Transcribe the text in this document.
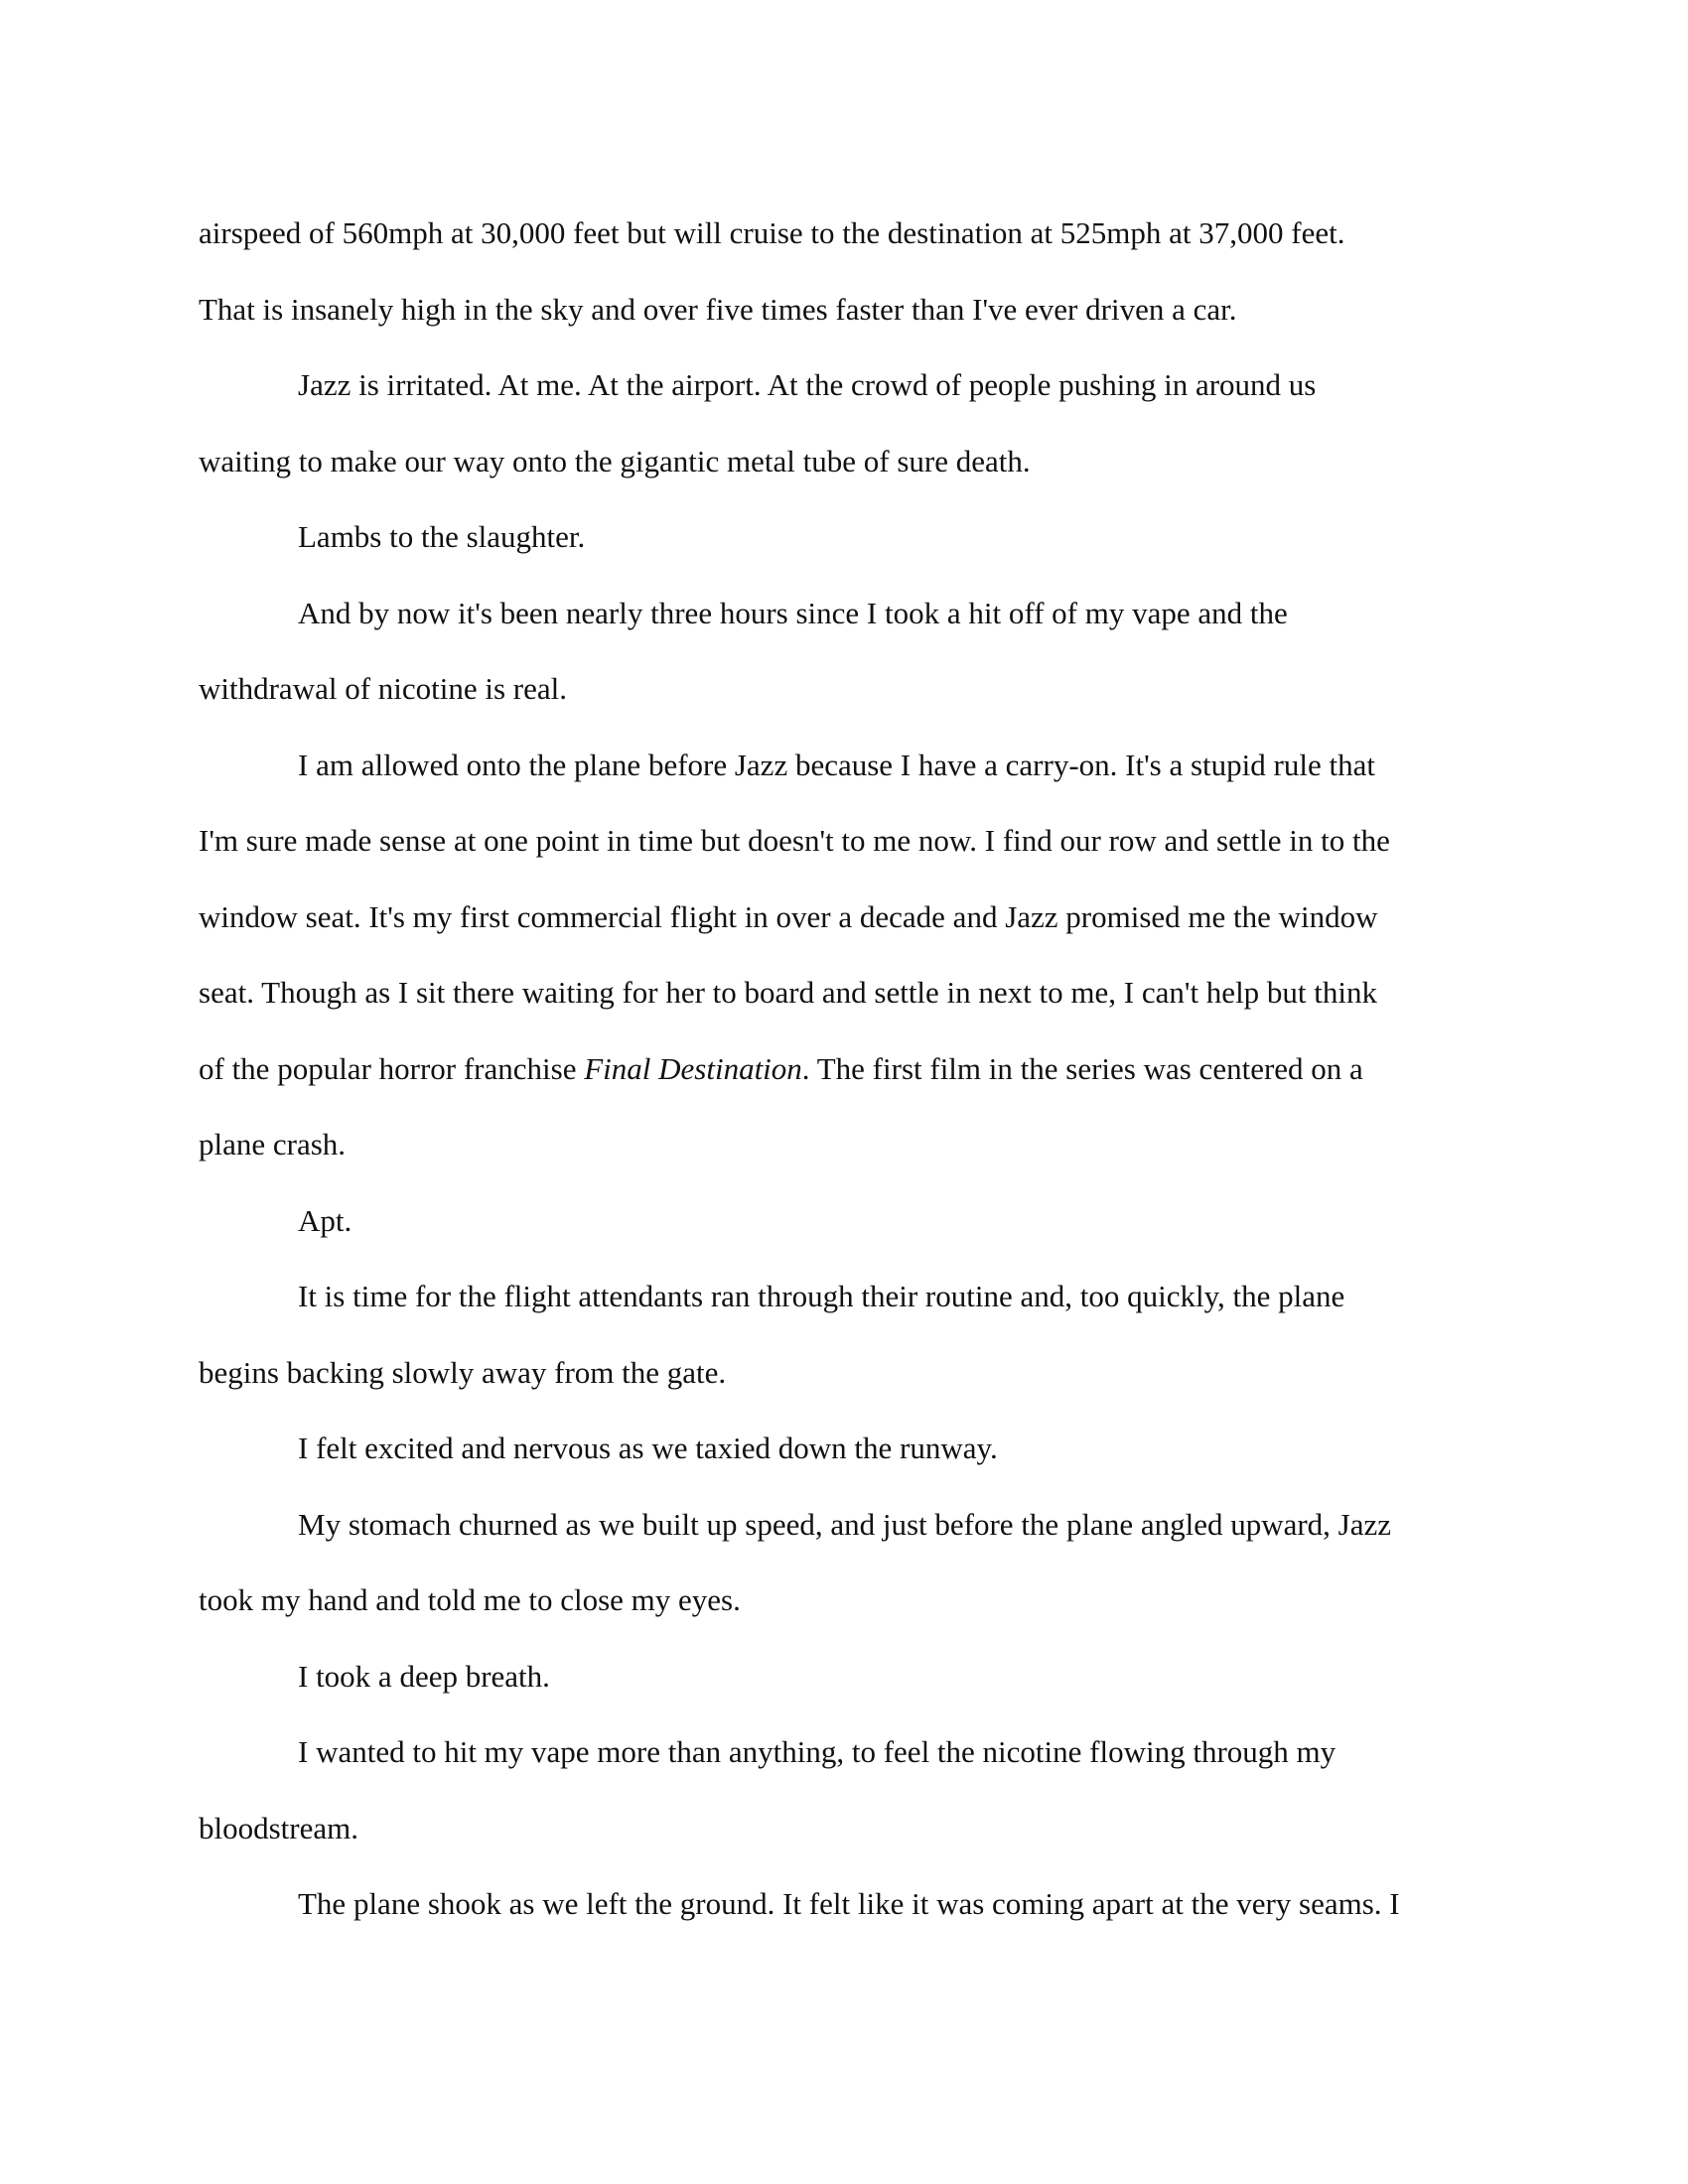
airspeed of 560mph at 30,000 feet but will cruise to the destination at 525mph at 37,000 feet.
That is insanely high in the sky and over five times faster than I've ever driven a car.
Jazz is irritated. At me. At the airport. At the crowd of people pushing in around us
waiting to make our way onto the gigantic metal tube of sure death.
Lambs to the slaughter.
And by now it's been nearly three hours since I took a hit off of my vape and the
withdrawal of nicotine is real.
I am allowed onto the plane before Jazz because I have a carry-on. It's a stupid rule that
I'm sure made sense at one point in time but doesn't to me now. I find our row and settle in to the
window seat. It's my first commercial flight in over a decade and Jazz promised me the window
seat. Though as I sit there waiting for her to board and settle in next to me, I can't help but think
of the popular horror franchise Final Destination. The first film in the series was centered on a
plane crash.
Apt.
It is time for the flight attendants ran through their routine and, too quickly, the plane
begins backing slowly away from the gate.
I felt excited and nervous as we taxied down the runway.
My stomach churned as we built up speed, and just before the plane angled upward, Jazz
took my hand and told me to close my eyes.
I took a deep breath.
I wanted to hit my vape more than anything, to feel the nicotine flowing through my
bloodstream.
The plane shook as we left the ground. It felt like it was coming apart at the very seams. I
